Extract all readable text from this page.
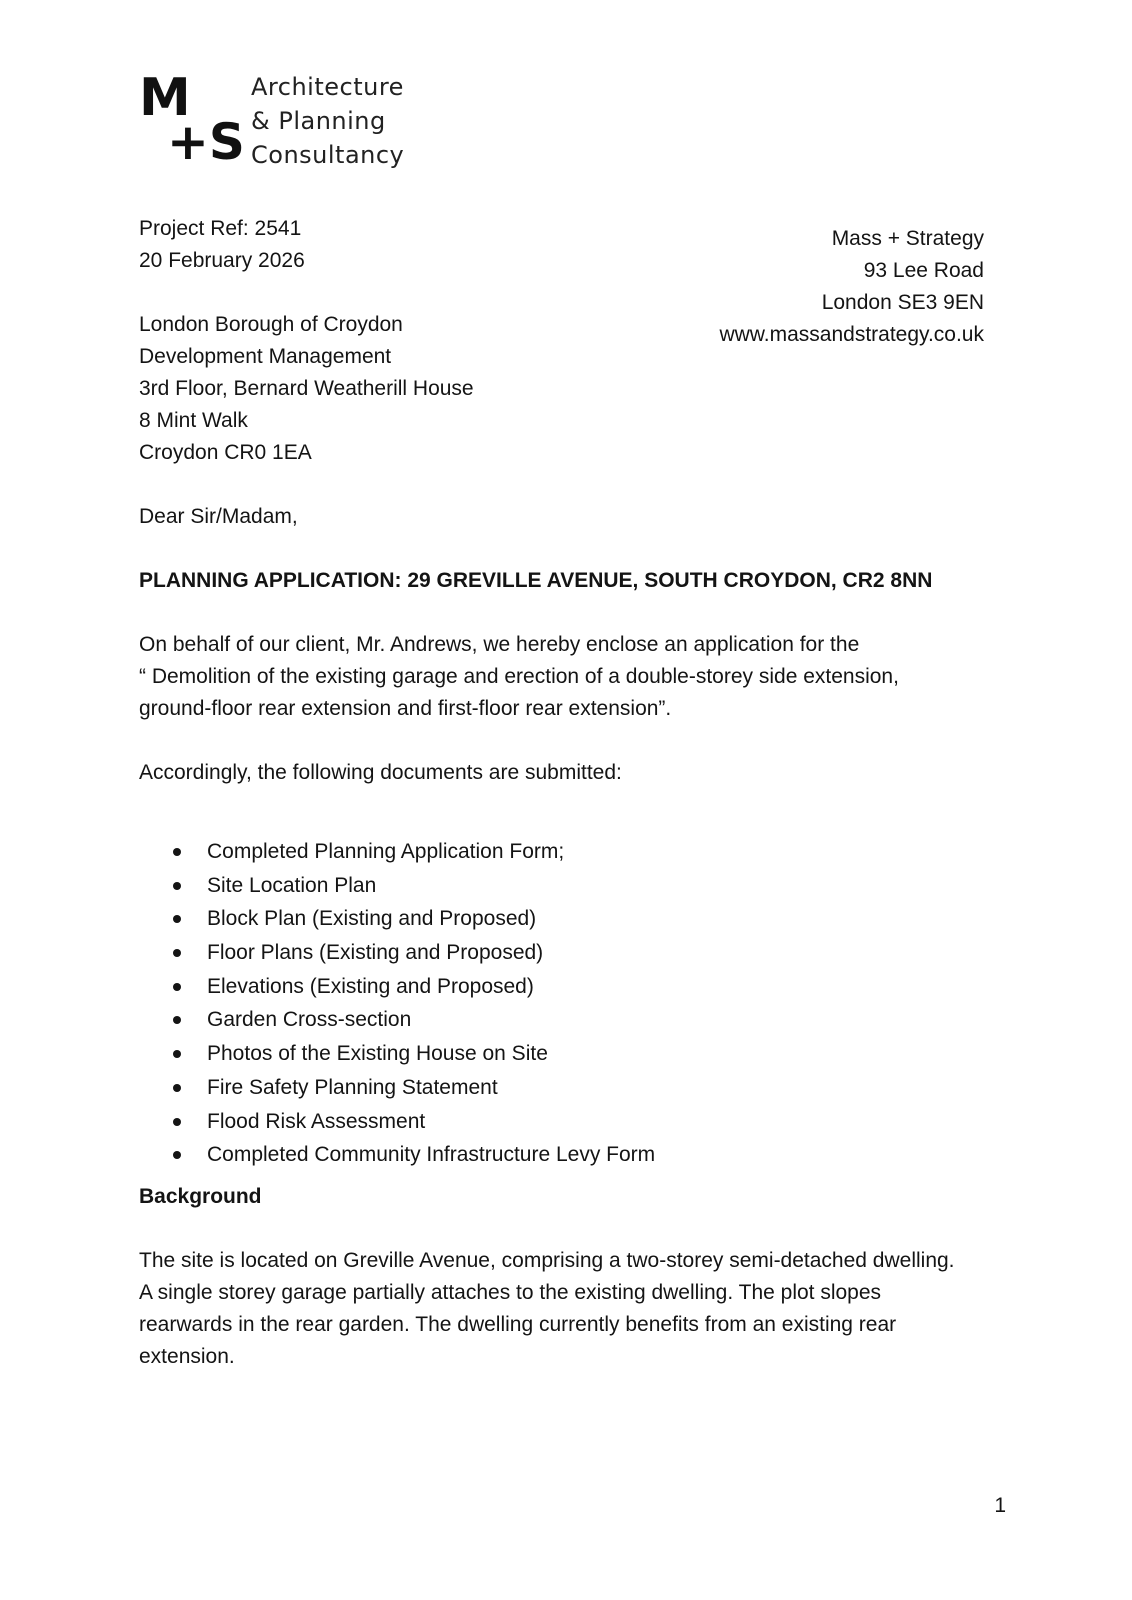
M
+S
Architecture
& Planning
Consultancy
Project Ref: 2541
20 February 2026
Mass + Strategy
93 Lee Road
London SE3 9EN
www.massandstrategy.co.uk
London Borough of Croydon
Development Management
3rd Floor, Bernard Weatherill House
8 Mint Walk
Croydon CR0 1EA
Dear Sir/Madam,
PLANNING APPLICATION: 29 GREVILLE AVENUE, SOUTH CROYDON, CR2 8NN
On behalf of our client, Mr. Andrews, we hereby enclose an application for the
“ Demolition of the existing garage and erection of a double-storey side extension,
ground-floor rear extension and first-floor rear extension”.
Accordingly, the following documents are submitted:
Completed Planning Application Form;
Site Location Plan
Block Plan (Existing and Proposed)
Floor Plans (Existing and Proposed)
Elevations (Existing and Proposed)
Garden Cross-section
Photos of the Existing House on Site
Fire Safety Planning Statement
Flood Risk Assessment
Completed Community Infrastructure Levy Form
Background
The site is located on Greville Avenue, comprising a two-storey semi-detached dwelling.
A single storey garage partially attaches to the existing dwelling. The plot slopes
rearwards in the rear garden. The dwelling currently benefits from an existing rear
extension.
1
